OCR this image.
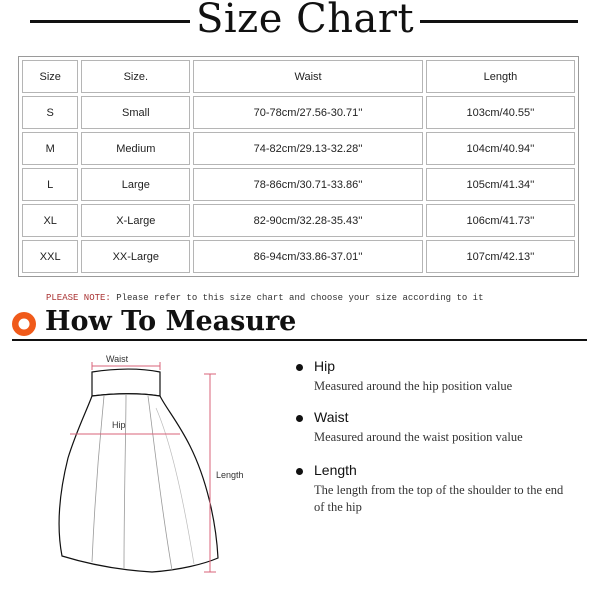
Size Chart
Size	Size.	Waist	Length
S	Small	70-78cm/27.56-30.71''	103cm/40.55''
M	Medium	74-82cm/29.13-32.28''	104cm/40.94''
L	Large	78-86cm/30.71-33.86''	105cm/41.34''
XL	X-Large	82-90cm/32.28-35.43''	106cm/41.73''
XXL	XX-Large	86-94cm/33.86-37.01''	107cm/42.13''
PLEASE NOTE: Please refer to this size chart and choose your size according to it
How To Measure
Waist
Hip
Length
Hip
Measured around the hip position value
Waist
Measured around the waist position value
Length
The length from the top of the shoulder to the end of the hip
